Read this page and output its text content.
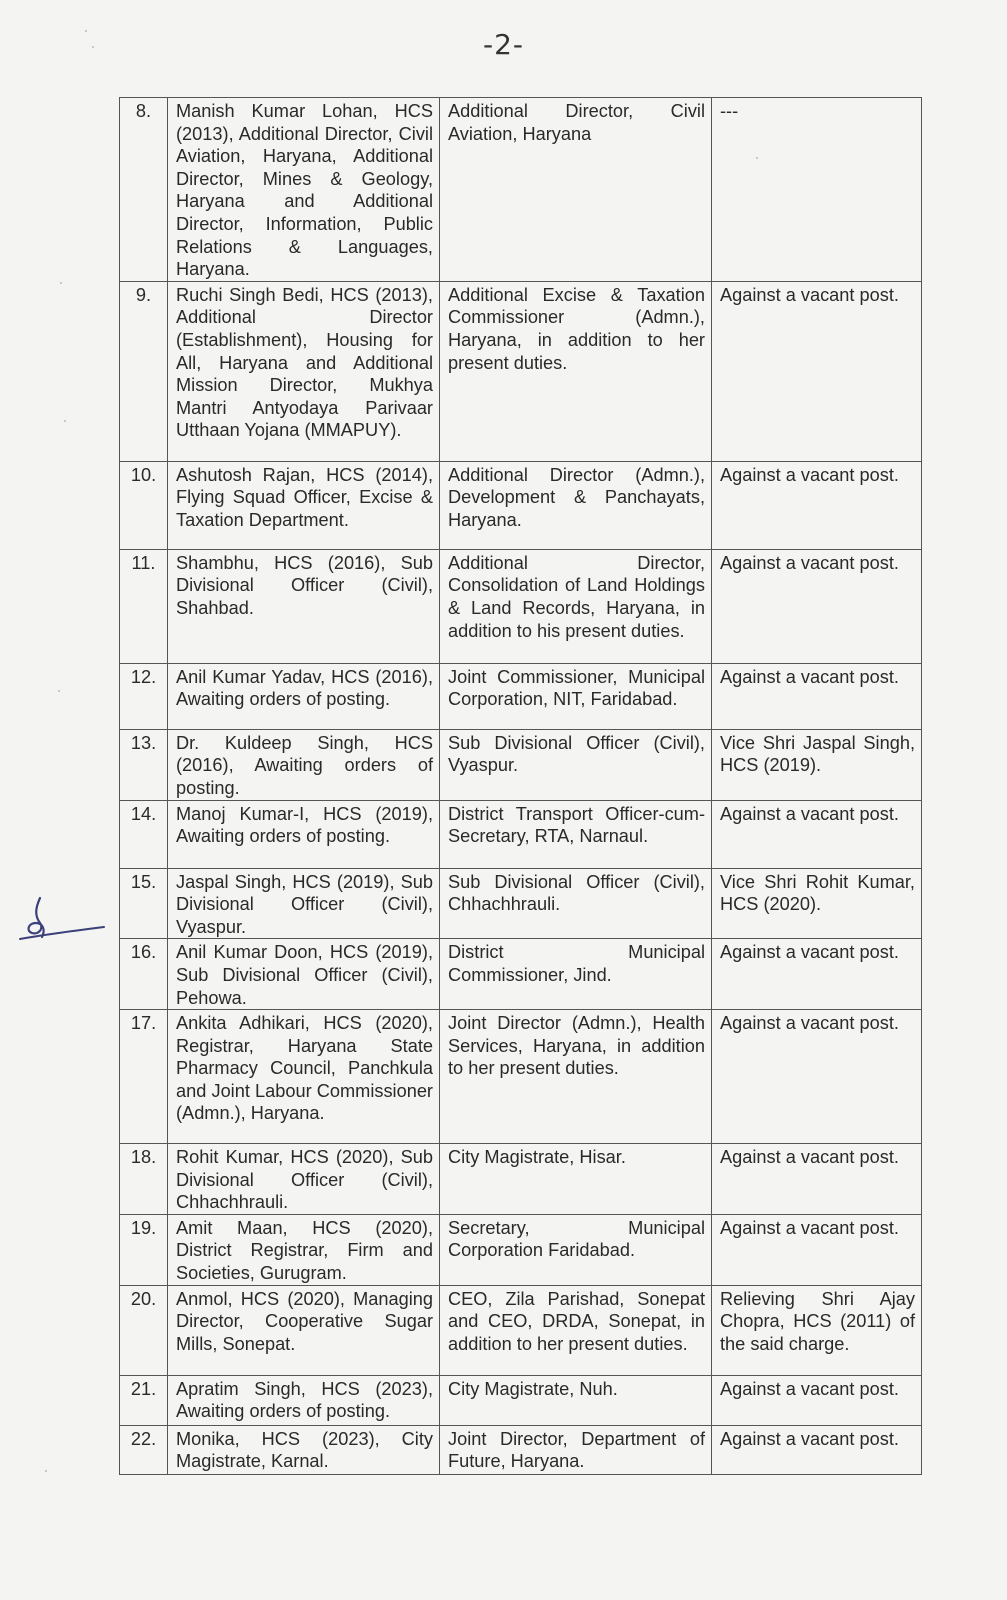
-2-
8.	Manish Kumar Lohan, HCS (2013), Additional Director, Civil Aviation, Haryana, Additional Director, Mines & Geology, Haryana and Additional Director, Information, Public Relations & Languages, Haryana.	Additional Director, Civil Aviation, Haryana	---
9.	Ruchi Singh Bedi, HCS (2013), Additional Director (Establishment), Housing for All, Haryana and Additional Mission Director, Mukhya Mantri Antyodaya Parivaar Utthaan Yojana (MMAPUY).	Additional Excise & Taxation Commissioner (Admn.), Haryana, in addition to her present duties.	Against a vacant post.
10.	Ashutosh Rajan, HCS (2014), Flying Squad Officer, Excise & Taxation Department.	Additional Director (Admn.), Development & Panchayats, Haryana.	Against a vacant post.
11.	Shambhu, HCS (2016), Sub Divisional Officer (Civil), Shahbad.	Additional Director, Consolidation of Land Holdings & Land Records, Haryana, in addition to his present duties.	Against a vacant post.
12.	Anil Kumar Yadav, HCS (2016), Awaiting orders of posting.	Joint Commissioner, Municipal Corporation, NIT, Faridabad.	Against a vacant post.
13.	Dr. Kuldeep Singh, HCS (2016), Awaiting orders of posting.	Sub Divisional Officer (Civil), Vyaspur.	Vice Shri Jaspal Singh, HCS (2019).
14.	Manoj Kumar-I, HCS (2019), Awaiting orders of posting.	District Transport Officer-cum-Secretary, RTA, Narnaul.	Against a vacant post.
15.	Jaspal Singh, HCS (2019), Sub Divisional Officer (Civil), Vyaspur.	Sub Divisional Officer (Civil), Chhachhrauli.	Vice Shri Rohit Kumar, HCS (2020).
16.	Anil Kumar Doon, HCS (2019), Sub Divisional Officer (Civil), Pehowa.	District Municipal Commissioner, Jind.	Against a vacant post.
17.	Ankita Adhikari, HCS (2020), Registrar, Haryana State Pharmacy Council, Panchkula and Joint Labour Commissioner (Admn.), Haryana.	Joint Director (Admn.), Health Services, Haryana, in addition to her present duties.	Against a vacant post.
18.	Rohit Kumar, HCS (2020), Sub Divisional Officer (Civil), Chhachhrauli.	City Magistrate, Hisar.	Against a vacant post.
19.	Amit Maan, HCS (2020), District Registrar, Firm and Societies, Gurugram.	Secretary, Municipal Corporation Faridabad.	Against a vacant post.
20.	Anmol, HCS (2020), Managing Director, Cooperative Sugar Mills, Sonepat.	CEO, Zila Parishad, Sonepat and CEO, DRDA, Sonepat, in addition to her present duties.	Relieving Shri Ajay Chopra, HCS (2011) of the said charge.
21.	Apratim Singh, HCS (2023), Awaiting orders of posting.	City Magistrate, Nuh.	Against a vacant post.
22.	Monika, HCS (2023), City Magistrate, Karnal.	Joint Director, Department of Future, Haryana.	Against a vacant post.
